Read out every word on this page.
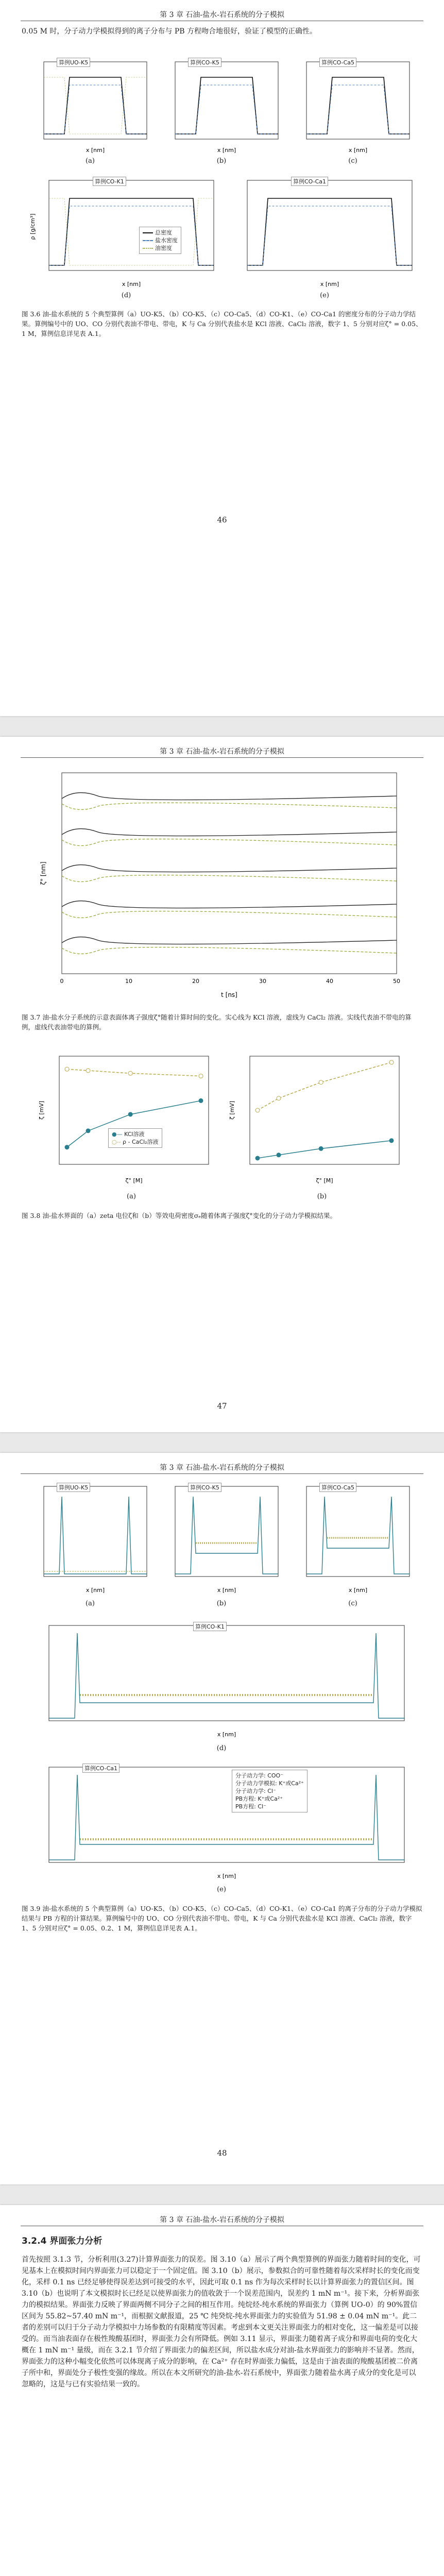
第 3 章 石油-盐水-岩石系统的分子模拟
0.05 M 时，分子动力学模拟得到的离子分布与 PB 方程吻合地很好，验证了模型的正确性。
x [nm]
算例UO-K5
(a)
x [nm]
算例CO-K5
(b)
x [nm]
算例CO-Ca5
(c)
x [nm]
ρ [g/cm³]
算例CO-K1
总密度
盐水密度
油密度
(d)
x [nm]
算例CO-Ca1
(e)
图 3.6 油-盐水系统的 5 个典型算例（a）UO-K5、（b）CO-K5、（c）CO-Ca5、（d）CO-K1、（e）CO-Ca1 的密度分布的分子动力学结果。算例编号中的 UO、CO 分别代表油不带电、带电，K 与 Ca 分别代表盐水是 KCl 溶液、CaCl₂ 溶液，数字 1、5 分别对应ζ° = 0.05、1 M，算例信息详见表 A.1。
46
第 3 章 石油-盐水-岩石系统的分子模拟
0	10	20	30	40	50
t [ns]
ζ° [nm]
图 3.7 油-盐水分子系统的示意表面体离子强度ζ°随着计算时间的变化。实心线为 KCl 溶液，虚线为 CaCl₂ 溶液。实线代表油不带电的算例，虚线代表油带电的算例。
ζ° [M]
ζ [mV]
●— KCl溶液
○-- ρ - CaCl₂溶液
(a)
ζ° [M]
ζ [mV]
(b)
图 3.8 油-盐水界面的（a）zeta 电位ζ和（b）等效电荷密度σₑ随着体离子强度ζ°变化的分子动力学模拟结果。
47
第 3 章 石油-盐水-岩石系统的分子模拟
x [nm]
算例UO-K5
(a)
x [nm]
算例CO-K5
(b)
x [nm]
算例CO-Ca5
(c)
x [nm]
算例CO-K1
(d)
x [nm]
算例CO-Ca1
分子动力学: COO⁻
分子动力学模拟: K⁺或Ca²⁺
分子动力学: Cl⁻
PB方程: K⁺或Ca²⁺
PB方程: Cl⁻
(e)
图 3.9 油-盐水系统的 5 个典型算例（a）UO-K5、（b）CO-K5、（c）CO-Ca5、（d）CO-K1、（e）CO-Ca1 的离子分布的分子动力学模拟结果与 PB 方程的计算结果。算例编号中的 UO、CO 分别代表油不带电、带电，K 与 Ca 分别代表盐水是 KCl 溶液、CaCl₂ 溶液，数字 1、5 分别对应ζ° = 0.05、0.2、1 M，算例信息详见表 A.1。
48
第 3 章 石油-盐水-岩石系统的分子模拟
3.2.4 界面张力分析
首先按照 3.1.3 节，分析利用(3.27)计算界面张力的误差。图 3.10（a）展示了两个典型算例的界面张力随着时间的变化，可见基本上在模拟时间内界面张力可以稳定于一个固定值。图 3.10（b）展示，参数拟合的可靠性随着每次采样时长的变化而变化，采样 0.1 ns 已经足够使得误差达到可接受的水平，因此可取 0.1 ns 作为每次采样时长以计算界面张力的置信区间。图 3.10（b）也说明了本文模拟时长已经足以使界面张力的值收敛于一个误差范围内，误差约 1 mN m⁻¹。接下来，分析界面张力的模拟结果。界面张力反映了界面两侧不同分子之间的相互作用。纯烷烃-纯水系统的界面张力（算例 UO-0）的 90%置信区间为 55.82~57.40 mN m⁻¹，而根据文献报道，25 ℃ 纯癸烷-纯水界面张力的实验值为 51.98 ± 0.04 mN m⁻¹。此二者的差别可以归于分子动力学模拟中力场参数的有限精度等因素。考虑到本文更关注界面张力的相对变化，这一偏差是可以接受的。而当油表面存在极性羧酸基团时，界面张力会有所降低。例如 3.11 显示，界面张力随着离子成分和界面电荷的变化大概在 1 mN m⁻¹ 量级，而在 3.2.1 节介绍了界面张力的偏差区间，所以盐水成分对油-盐水界面张力的影响并不显著。然而，界面张力的这种小幅变化依然可以体现离子成分的影响，在 Ca²⁺ 存在时界面张力偏低，这是由于油表面的羧酸基团被二价离子所中和，界面处分子极性变强的缘故。所以在本文所研究的油-盐水-岩石系统中，界面张力随着盐水离子成分的变化是可以忽略的，这是与已有实验结果一致的。
